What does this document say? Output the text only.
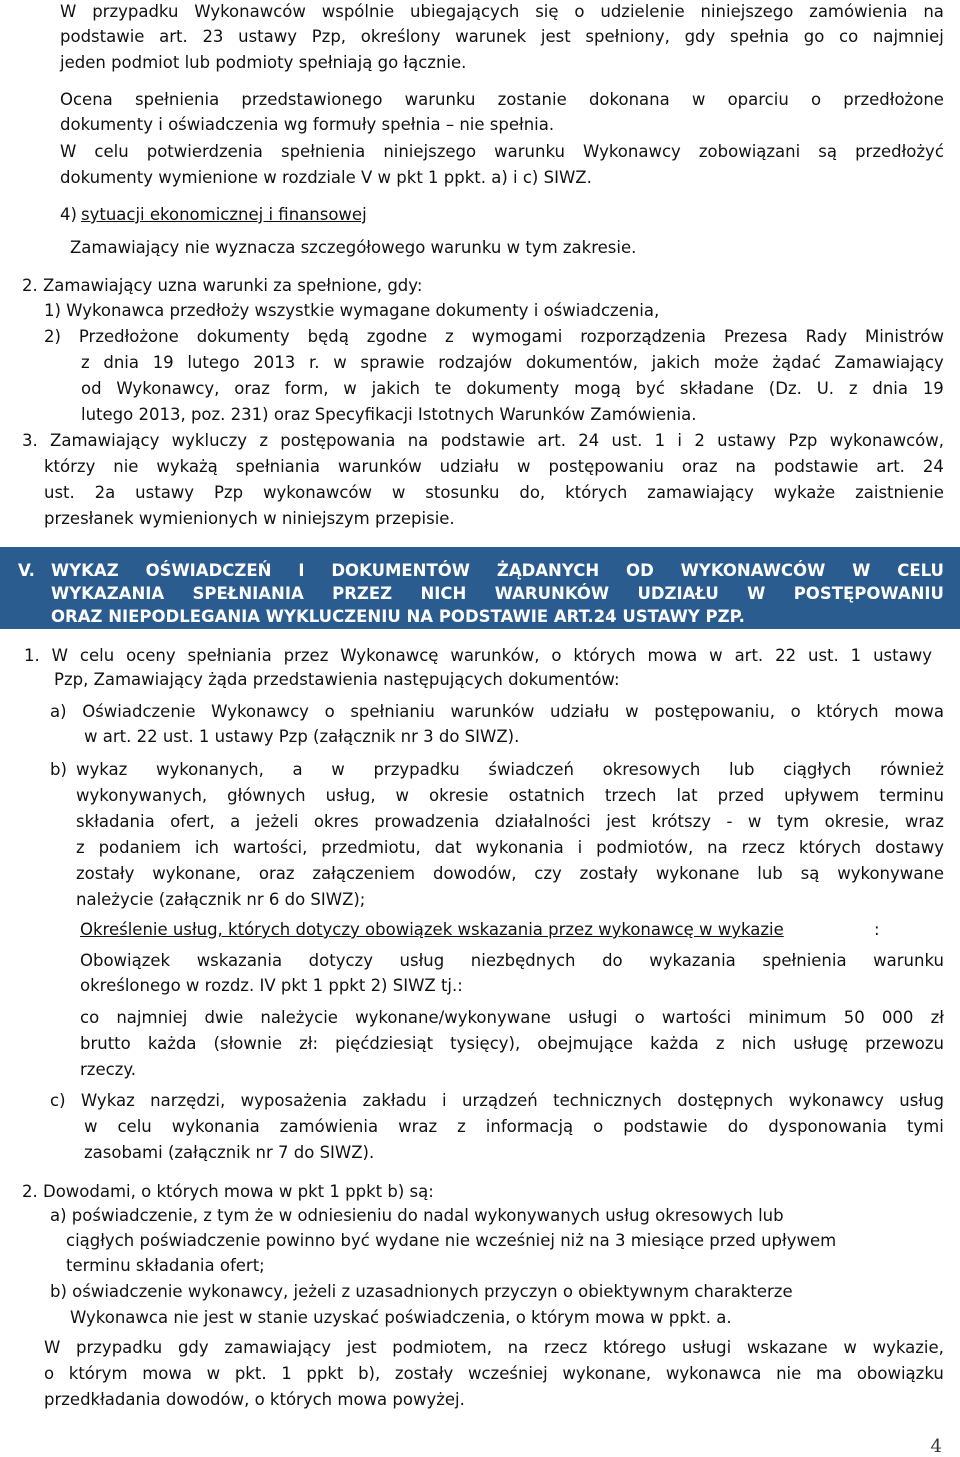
W przypadku Wykonawców wspólnie ubiegających się o udzielenie niniejszego zamówienia na
podstawie art. 23 ustawy Pzp, określony warunek jest spełniony, gdy spełnia go co najmniej
jeden podmiot lub podmioty spełniają go łącznie.
Ocena spełnienia przedstawionego warunku zostanie dokonana w oparciu o przedłożone
dokumenty i oświadczenia wg formuły spełnia – nie spełnia.
W celu potwierdzenia spełnienia niniejszego warunku Wykonawcy zobowiązani są przedłożyć
dokumenty wymienione w rozdziale V w pkt 1 ppkt. a) i c) SIWZ.
4) sytuacji ekonomicznej i finansowej
Zamawiający nie wyznacza szczegółowego warunku w tym zakresie.
2. Zamawiający uzna warunki za spełnione, gdy:
1) Wykonawca przedłoży wszystkie wymagane dokumenty i oświadczenia,
2) Przedłożone dokumenty będą zgodne z wymogami rozporządzenia Prezesa Rady Ministrów
z dnia 19 lutego 2013 r. w sprawie rodzajów dokumentów, jakich może żądać Zamawiający
od Wykonawcy, oraz form, w jakich te dokumenty mogą być składane (Dz. U. z dnia 19
lutego 2013, poz. 231) oraz Specyfikacji Istotnych Warunków Zamówienia.
3. Zamawiający wykluczy z postępowania na podstawie art. 24 ust. 1 i 2 ustawy Pzp wykonawców,
którzy nie wykażą spełniania warunków udziału w postępowaniu oraz na podstawie art. 24
ust. 2a ustawy Pzp wykonawców w stosunku do, których zamawiający wykaże zaistnienie
przesłanek wymienionych w niniejszym przepisie.
1. W celu oceny spełniania przez Wykonawcę warunków, o których mowa w art. 22 ust. 1 ustawy
Pzp, Zamawiający żąda przedstawienia następujących dokumentów:
a) Oświadczenie Wykonawcy o spełnianiu warunków udziału w postępowaniu, o których mowa
w art. 22 ust. 1 ustawy Pzp (załącznik nr 3 do SIWZ).
b) wykaz wykonanych, a w przypadku świadczeń okresowych lub ciągłych również
wykonywanych, głównych usług, w okresie ostatnich trzech lat przed upływem terminu
składania ofert, a jeżeli okres prowadzenia działalności jest krótszy - w tym okresie, wraz
z podaniem ich wartości, przedmiotu, dat wykonania i podmiotów, na rzecz których dostawy
zostały wykonane, oraz załączeniem dowodów, czy zostały wykonane lub są wykonywane
należycie (załącznik nr 6 do SIWZ);
Określenie usług, których dotyczy obowiązek wskazania przez wykonawcę w wykazie	:
Obowiązek wskazania dotyczy usług niezbędnych do wykazania spełnienia warunku
określonego w rozdz. IV pkt 1 ppkt 2) SIWZ tj.:
co najmniej dwie należycie wykonane/wykonywane usługi o wartości minimum 50 000 zł
brutto każda (słownie zł: pięćdziesiąt tysięcy), obejmujące każda z nich usługę przewozu
rzeczy.
c) Wykaz narzędzi, wyposażenia zakładu i urządzeń technicznych dostępnych wykonawcy usług
w celu wykonania zamówienia wraz z informacją o podstawie do dysponowania tymi
zasobami (załącznik nr 7 do SIWZ).
2. Dowodami, o których mowa w pkt 1 ppkt b) są:
a) poświadczenie, z tym że w odniesieniu do nadal wykonywanych usług okresowych lub
ciągłych poświadczenie powinno być wydane nie wcześniej niż na 3 miesiące przed upływem
terminu składania ofert;
b) oświadczenie wykonawcy, jeżeli z uzasadnionych przyczyn o obiektywnym charakterze
Wykonawca nie jest w stanie uzyskać poświadczenia, o którym mowa w ppkt. a.
W przypadku gdy zamawiający jest podmiotem, na rzecz którego usługi wskazane w wykazie,
o którym mowa w pkt. 1 ppkt b), zostały wcześniej wykonane, wykonawca nie ma obowiązku
przedkładania dowodów, o których mowa powyżej.
V. WYKAZ OŚWIADCZEŃ I DOKUMENTÓW ŻĄDANYCH OD WYKONAWCÓW W CELU
WYKAZANIA SPEŁNIANIA PRZEZ NICH WARUNKÓW UDZIAŁU W POSTĘPOWANIU
ORAZ NIEPODLEGANIA WYKLUCZENIU NA PODSTAWIE ART.24 USTAWY PZP.
4
